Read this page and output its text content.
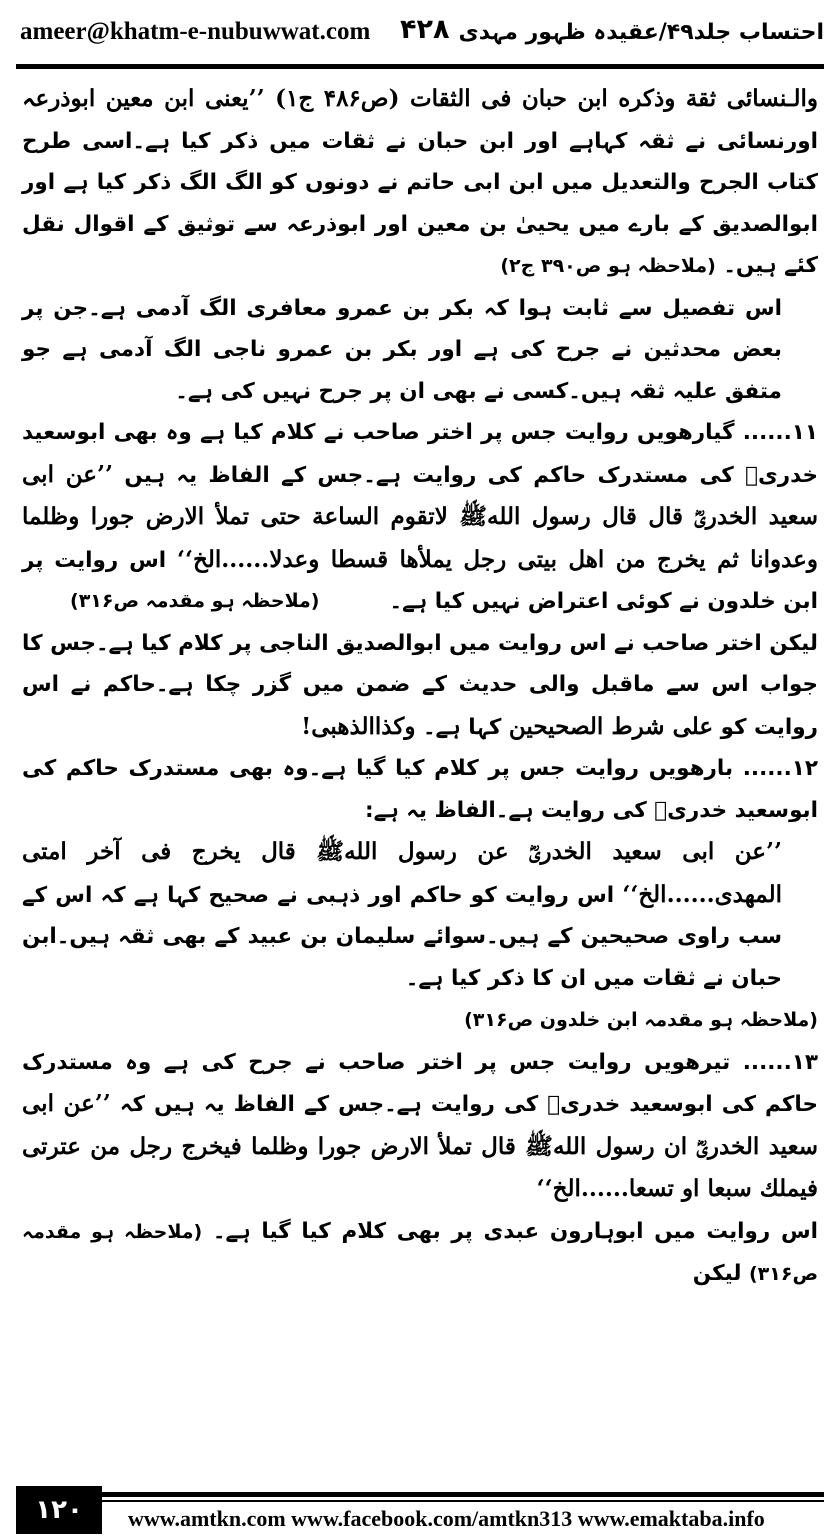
ameer@khatm-e-nubuwwat.com ۴۲۸ احتساب جلد۴۹/عقیدہ ظہور مہدی

والـنسائی ثقة وذكره ابن حبان فی الثقات (ص۴۸۶ ج۱) ’’یعنی ابن معین ابوذرعہ اورنسائی نے ثقہ کہاہے اور ابن حبان نے ثقات میں ذکر کیا ہے۔اسی طرح کتاب الجرح والتعدیل میں ابن ابی حاتم نے دونوں کو الگ الگ ذکر کیا ہے اور ابوالصدیق کے بارے میں یحییٰ بن معین اور ابوذرعہ سے توثیق کے اقوال نقل کئے ہیں۔ (ملاحظہ ہو ص۳۹۰ ج۲)

اس تفصیل سے ثابت ہوا کہ بکر بن عمرو معافری الگ آدمی ہے۔جن پر بعض محدثین نے جرح کی ہے اور بکر بن عمرو ناجی الگ آدمی ہے جو متفق علیہ ثقہ ہیں۔کسی نے بھی ان پر جرح نہیں کی ہے۔

۱۱...... گیارھویں روایت جس پر اختر صاحب نے کلام کیا ہے وہ بھی ابوسعید خدریؓ کی مستدرک حاکم کی روایت ہے۔جس کے الفاظ یہ ہیں ’’عن ابی سعید الخدریؓ قال قال رسول اللهﷺ لاتقوم الساعة حتی تملأ الارض جورا وظلما وعدوانا ثم یخرج من اهل بیتی رجل یملأها قسطا وعدلا......الخ‘‘ اس روایت پر ابن خلدون نے کوئی اعتراض نہیں کیا ہے۔
(ملاحظہ ہو مقدمہ ص۳۱۶)

لیکن اختر صاحب نے اس روایت میں ابوالصدیق الناجی پر کلام کیا ہے۔جس کا جواب اس سے ماقبل والی حدیث کے ضمن میں گزر چکا ہے۔حاکم نے اس روایت کو علی شرط الصحیحین کہا ہے۔ وکذاالذهبی!

۱۲...... بارھویں روایت جس پر کلام کیا گیا ہے۔وہ بھی مستدرک حاکم کی ابوسعید خدریؓ کی روایت ہے۔الفاظ یہ ہے:

’’عن ابی سعید الخدریؓ عن رسول اللهﷺ قال یخرج فی آخر امتی المهدی......الخ‘‘ اس روایت کو حاکم اور ذہبی نے صحیح کہا ہے کہ اس کے سب راوی صحیحین کے ہیں۔سوائے سلیمان بن عبید کے بھی ثقہ ہیں۔ابن حبان نے ثقات میں ان کا ذکر کیا ہے۔

(ملاحظہ ہو مقدمہ ابن خلدون ص۳۱۶)

۱۳...... تیرھویں روایت جس پر اختر صاحب نے جرح کی ہے وہ مستدرک حاکم کی ابوسعید خدریؓ کی روایت ہے۔جس کے الفاظ یہ ہیں کہ ’’عن ابی سعید الخدریؓ ان رسول اللهﷺ قال تملأ الارض جورا وظلما فیخرج رجل من عترتی فیملك سبعا او تسعا......الخ‘‘

اس روایت میں ابوہارون عبدی پر بھی کلام کیا گیا ہے۔ (ملاحظہ ہو مقدمہ ص۳۱۶) لیکن

۱۲۰	www.amtkn.com www.facebook.com/amtkn313 www.emaktaba.info
